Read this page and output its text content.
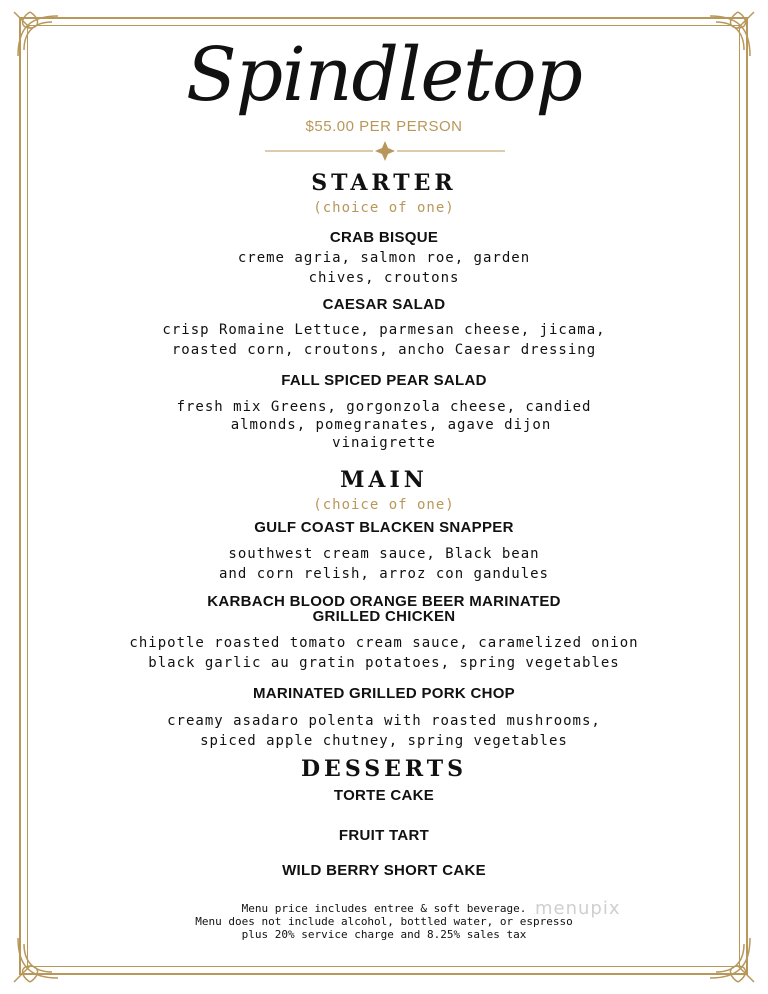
Spindletop
$55.00 PER PERSON
STARTER
(choice of one)
CRAB BISQUE
creme agria, salmon roe, garden
chives, croutons
CAESAR SALAD
crisp Romaine Lettuce, parmesan cheese, jicama,
roasted corn, croutons, ancho Caesar dressing
FALL SPICED PEAR SALAD
fresh mix Greens, gorgonzola cheese, candied
almonds, pomegranates, agave dijon
vinaigrette
MAIN
(choice of one)
GULF COAST BLACKEN SNAPPER
southwest cream sauce, Black bean
and corn relish, arroz con gandules
KARBACH BLOOD ORANGE BEER MARINATED
GRILLED CHICKEN
chipotle roasted tomato cream sauce, caramelized onion
black garlic au gratin potatoes, spring vegetables
MARINATED GRILLED PORK CHOP
creamy asadaro polenta with roasted mushrooms,
spiced apple chutney, spring vegetables
DESSERTS
TORTE CAKE
FRUIT TART
WILD BERRY SHORT CAKE
Menu price includes entree & soft beverage.
Menu does not include alcohol, bottled water, or espresso
plus 20% service charge and 8.25% sales tax
menupix
